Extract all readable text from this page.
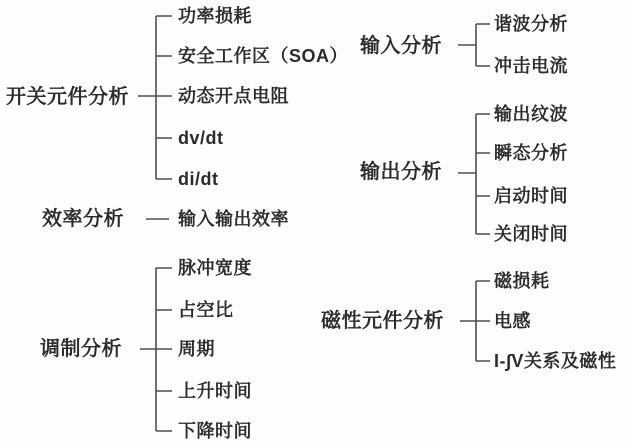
开关元件分析
功率损耗
安全工作区（SOA）
动态开点电阻
dv/dt
di/dt
效率分析	输入输出效率
调制分析
脉冲宽度
占空比
周期
上升时间
下降时间
输入分析
谐波分析
冲击电流
输出分析
输出纹波
瞬态分析
启动时间
关闭时间
磁性元件分析
磁损耗
电感
I-∫V关系及磁性
